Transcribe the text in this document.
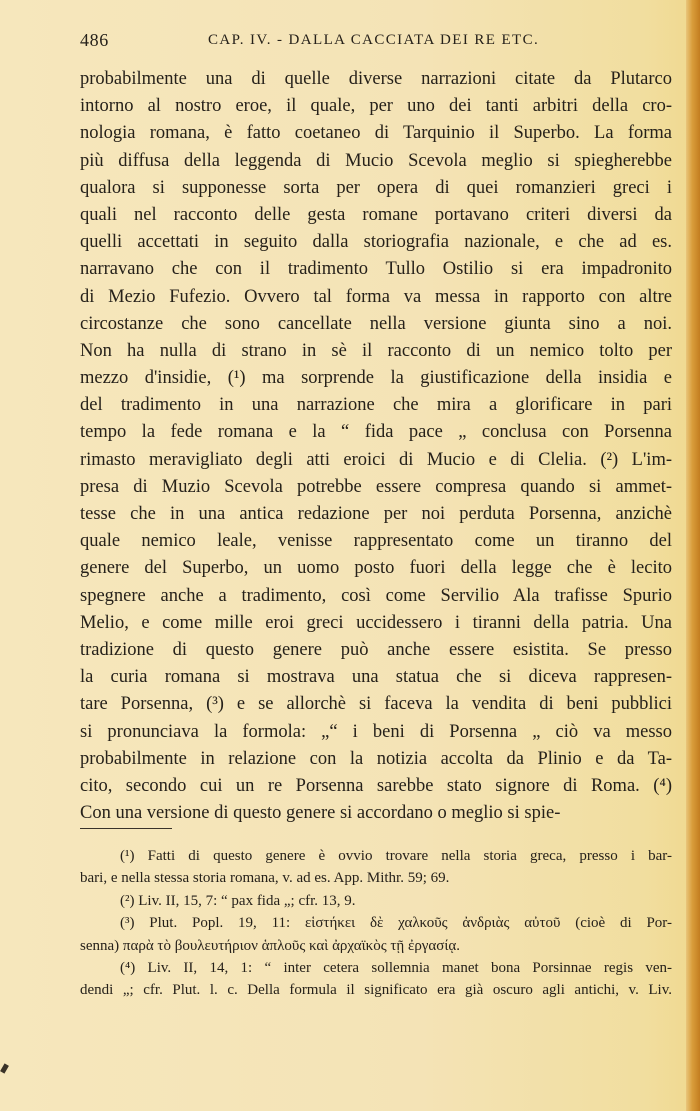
486	CAP. IV. - DALLA CACCIATA DEI RE ETC.
probabilmente una di quelle diverse narrazioni citate da Plutarco
intorno al nostro eroe, il quale, per uno dei tanti arbitri della cro-
nologia romana, è fatto coetaneo di Tarquinio il Superbo. La forma
più diffusa della leggenda di Mucio Scevola meglio si spiegherebbe
qualora si supponesse sorta per opera di quei romanzieri greci i
quali nel racconto delle gesta romane portavano criteri diversi da
quelli accettati in seguito dalla storiografia nazionale, e che ad es.
narravano che con il tradimento Tullo Ostilio si era impadronito
di Mezio Fufezio. Ovvero tal forma va messa in rapporto con altre
circostanze che sono cancellate nella versione giunta sino a noi.
Non ha nulla di strano in sè il racconto di un nemico tolto per
mezzo d'insidie, (¹) ma sorprende la giustificazione della insidia e
del tradimento in una narrazione che mira a glorificare in pari
tempo la fede romana e la “ fida pace „ conclusa con Porsenna
rimasto meravigliato degli atti eroici di Mucio e di Clelia. (²) L'im-
presa di Muzio Scevola potrebbe essere compresa quando si ammet-
tesse che in una antica redazione per noi perduta Porsenna, anzichè
quale nemico leale, venisse rappresentato come un tiranno del
genere del Superbo, un uomo posto fuori della legge che è lecito
spegnere anche a tradimento, così come Servilio Ala trafisse Spurio
Melio, e come mille eroi greci uccidessero i tiranni della patria. Una
tradizione di questo genere può anche essere esistita. Se presso
la curia romana si mostrava una statua che si diceva rappresen-
tare Porsenna, (³) e se allorchè si faceva la vendita di beni pubblici
si pronunciava la formola: „“ i beni di Porsenna „ ciò va messo
probabilmente in relazione con la notizia accolta da Plinio e da Ta-
cito, secondo cui un re Porsenna sarebbe stato signore di Roma. (⁴)
Con una versione di questo genere si accordano o meglio si spie-
(¹) Fatti di questo genere è ovvio trovare nella storia greca, presso i bar-
bari, e nella stessa storia romana, v. ad es. App. Mithr. 59; 69.
(²) Liv. II, 15, 7: “ pax fida „; cfr. 13, 9.
(³) Plut. Popl. 19, 11: εἱστήκει δὲ χαλκοῦς ἀνδριὰς αὐτοῦ (cioè di Por-
senna) παρὰ τὸ βουλευτήριον ἁπλοῦς καὶ ἀρχαϊκὸς τῇ ἐργασίᾳ.
(⁴) Liv. II, 14, 1: “ inter cetera sollemnia manet bona Porsinnae regis ven-
dendi „; cfr. Plut. l. c. Della formula il significato era già oscuro agli antichi, v. Liv.
